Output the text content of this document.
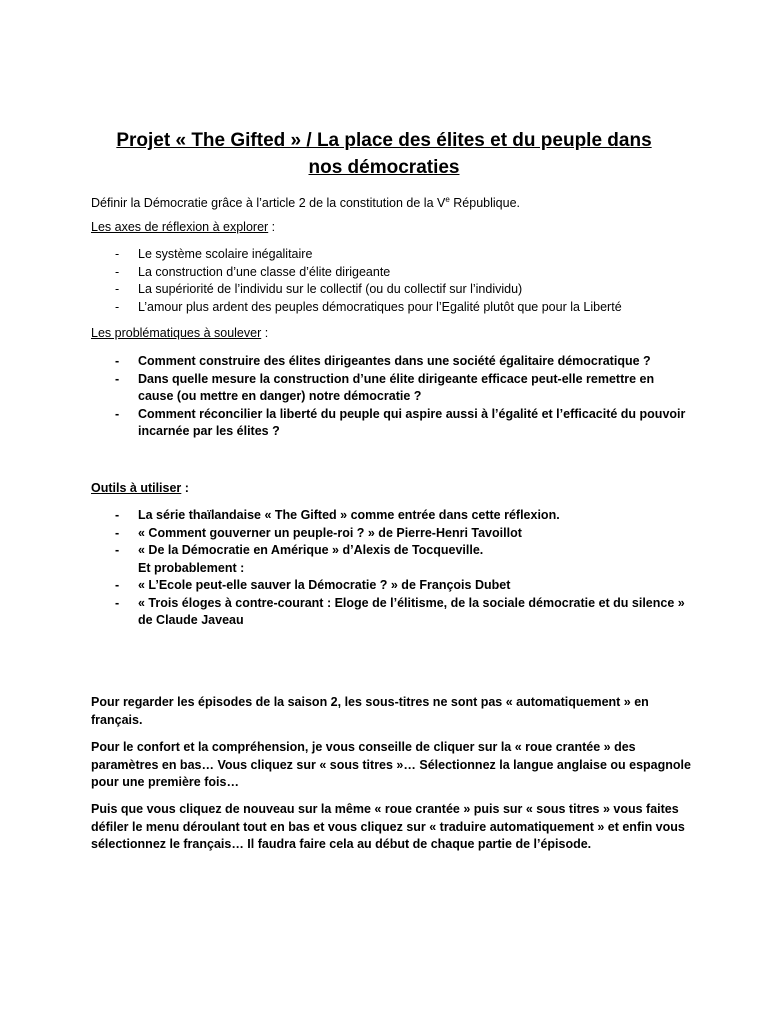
Projet « The Gifted » / La place des élites et du peuple dans
nos démocraties

Définir la Démocratie grâce à l’article 2 de la constitution de la Ve République.

Les axes de réflexion à explorer :

- Le système scolaire inégalitaire
- La construction d’une classe d’élite dirigeante
- La supériorité de l’individu sur le collectif (ou du collectif sur l’individu)
- L’amour plus ardent des peuples démocratiques pour l’Egalité plutôt que pour la Liberté

Les problématiques à soulever :

- Comment construire des élites dirigeantes dans une société égalitaire démocratique ?
- Dans quelle mesure la construction d’une élite dirigeante efficace peut-elle remettre en cause (ou mettre en danger) notre démocratie ?
- Comment réconcilier la liberté du peuple qui aspire aussi à l’égalité et l’efficacité du pouvoir incarnée par les élites ?

Outils à utiliser :

- La série thaïlandaise « The Gifted » comme entrée dans cette réflexion.
- « Comment gouverner un peuple-roi ? » de Pierre-Henri Tavoillot
- « De la Démocratie en Amérique » d’Alexis de Tocqueville.
Et probablement :
- « L’Ecole peut-elle sauver la Démocratie ? » de François Dubet
- « Trois éloges à contre-courant : Eloge de l’élitisme, de la sociale démocratie et du silence » de Claude Javeau

Pour regarder les épisodes de la saison 2, les sous-titres ne sont pas « automatiquement » en français.

Pour le confort et la compréhension, je vous conseille de cliquer sur la « roue crantée » des paramètres en bas… Vous cliquez sur « sous titres »… Sélectionnez la langue anglaise ou espagnole pour une première fois…

Puis que vous cliquez de nouveau sur la même « roue crantée » puis sur « sous titres » vous faites défiler le menu déroulant tout en bas et vous cliquez sur « traduire automatiquement » et enfin vous sélectionnez le français… Il faudra faire cela au début de chaque partie de l’épisode.
